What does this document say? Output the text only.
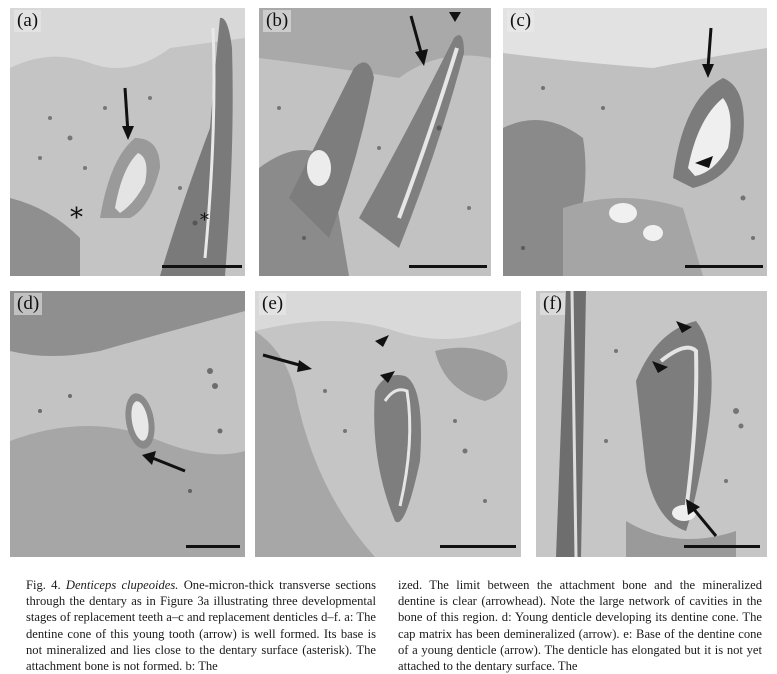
(a)
*	*
(b)	(c)
(d)	(e)	(f)

Fig. 4. Denticeps clupeoides. One-micron-thick transverse sections through the dentary as in Figure 3a illustrating three developmental stages of replacement teeth a–c and replacement denticles d–f. a: The dentine cone of this young tooth (arrow) is well formed. Its base is not mineralized and lies close to the dentary surface (asterisk). The attachment bone is not formed. b: The

ized. The limit between the attachment bone and the mineralized dentine is clear (arrowhead). Note the large network of cavities in the bone of this region. d: Young denticle developing its dentine cone. The cap matrix has been demineralized (arrow). e: Base of the dentine cone of a young denticle (arrow). The denticle has elongated but it is not yet attached to the dentary surface. The
